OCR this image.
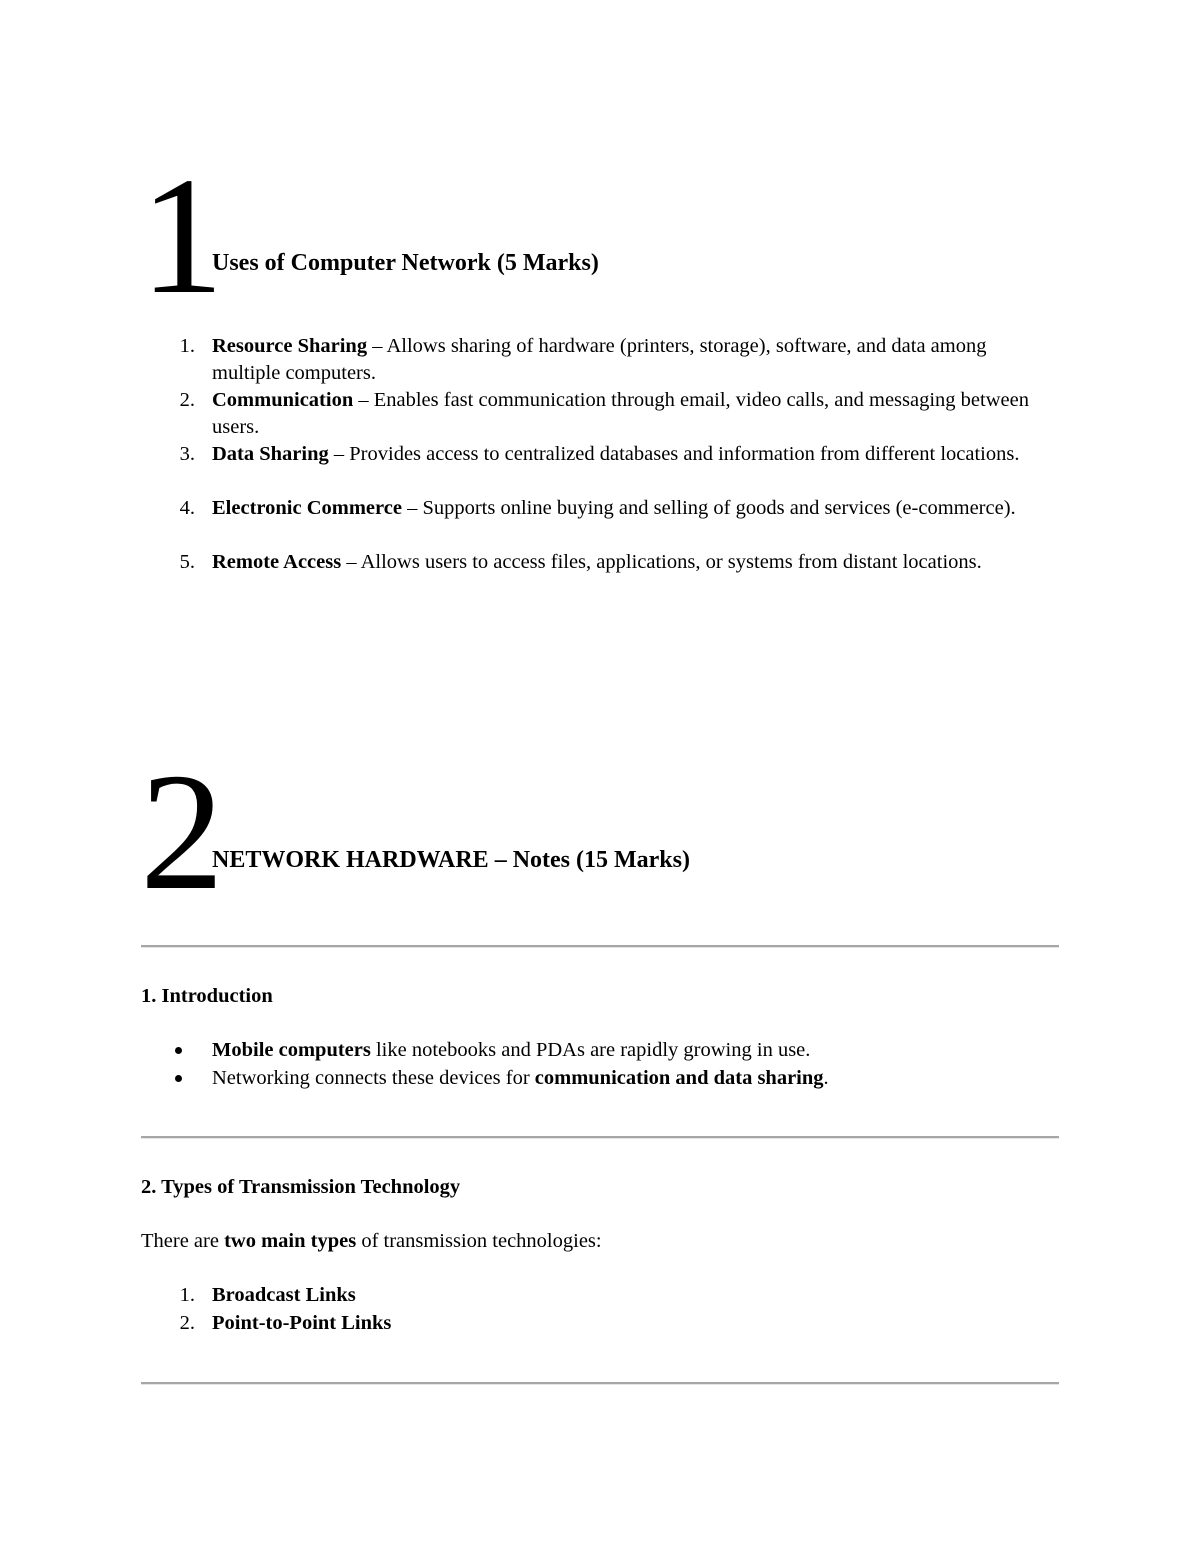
1
Uses of Computer Network (5 Marks)
1. Resource Sharing – Allows sharing of hardware (printers, storage), software, and data among multiple computers.
2. Communication – Enables fast communication through email, video calls, and messaging between users.
3. Data Sharing – Provides access to centralized databases and information from different locations.
4. Electronic Commerce – Supports online buying and selling of goods and services (e-commerce).
5. Remote Access – Allows users to access files, applications, or systems from distant locations.
2
NETWORK HARDWARE – Notes (15 Marks)
1. Introduction
Mobile computers like notebooks and PDAs are rapidly growing in use.
Networking connects these devices for communication and data sharing.
2. Types of Transmission Technology
There are two main types of transmission technologies:
1. Broadcast Links
2. Point-to-Point Links
